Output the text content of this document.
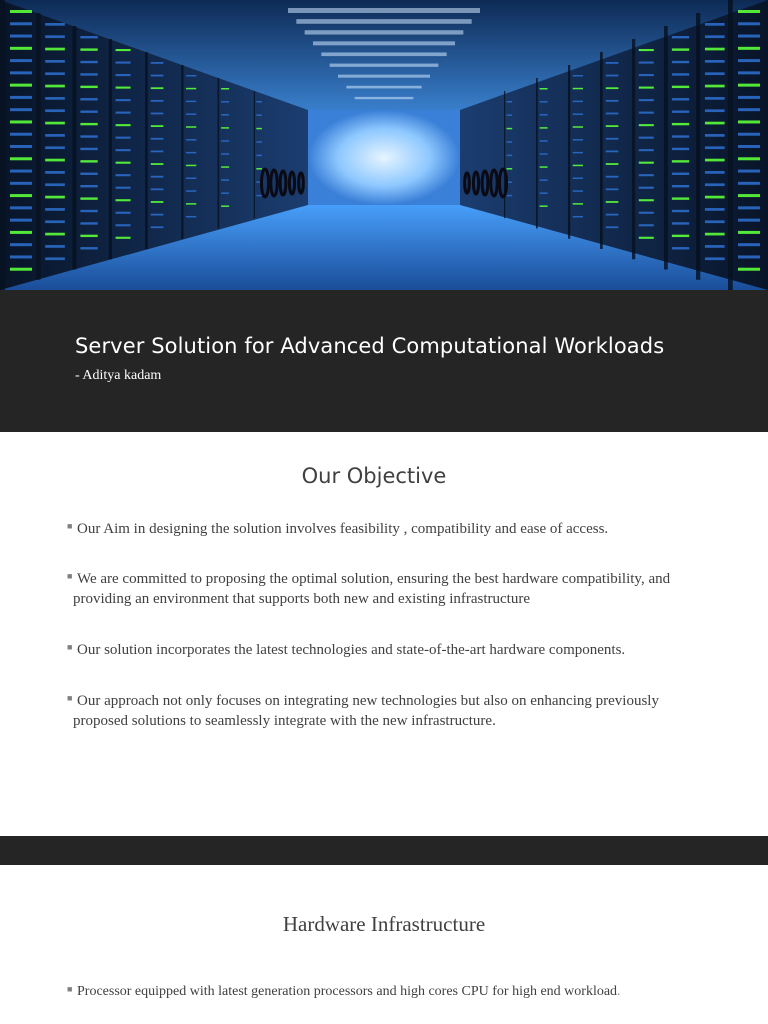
Server Solution for Advanced Computational Workloads
- Aditya kadam
Our Objective
■ Our Aim in designing the solution involves feasibility , compatibility and ease of access.
■ We are committed to proposing the optimal solution, ensuring the best hardware compatibility, and providing an environment that supports both new and existing infrastructure
■ Our solution incorporates the latest technologies and state-of-the-art hardware components.
■ Our approach not only focuses on integrating new technologies but also on enhancing previously proposed solutions to seamlessly integrate with the new infrastructure.
Hardware Infrastructure
■ Processor equipped with latest generation processors and high cores CPU for high end workload.
